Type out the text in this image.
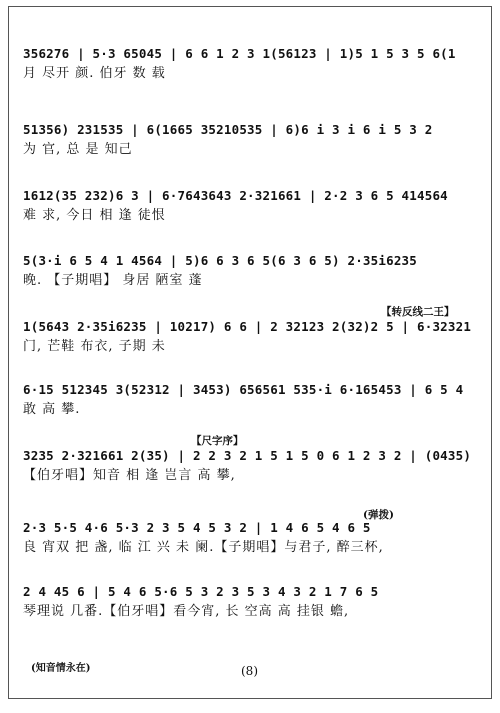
356276 | 5·3 65045 | 6 6 1 2 3 1(56123 | 1)5 1 5 3 5 6(1
月 尽开 颜. 伯牙 数 载
51356) 231535 | 6(1665 35210535 | 6)6 i 3 i 6 i 5 3 2
为 官, 总 是 知己
1612(35 232)6 3 | 6·7643643 2·321661 | 2·2 3 6 5 414564
难 求, 今日 相 逢 徒恨
5(3·i 6 5 4 1 4564 | 5)6 6 3 6 5(6 3 6 5) 2·35i6235
晚. 【子期唱】 身居 陋室 蓬
【转反线二王】
1(5643 2·35i6235 | 10217) 6 6 | 2 32123 2(32)2 5 | 6·32321
门, 芒鞋 布衣, 子期 未
6·15 512345 3(52312 | 3453) 656561 535·i 6·165453 | 6 5 4
敢 高 攀.
【尺字序】
3235 2·321661 2(35) | 2 2 3 2 1 5 1 5 0 6 1 2 3 2 | (0435)
【伯牙唱】知音 相 逢 岂言 高 攀,
(弹拨)
2·3 5·5 4·6 5·3 2 3 5 4 5 3 2 | 1 4 6 5 4 6 5
良 宵双 把 盏, 临 江 兴 未 阑.【子期唱】与君子, 醉三杯,
2 4 45 6 | 5 4 6 5·6 5 3 2 3 5 3 4 3 2 1 7 6 5
琴理说 几番.【伯牙唱】看今宵, 长 空高 高 挂银 蟾,
(知音情永在)	(8)
